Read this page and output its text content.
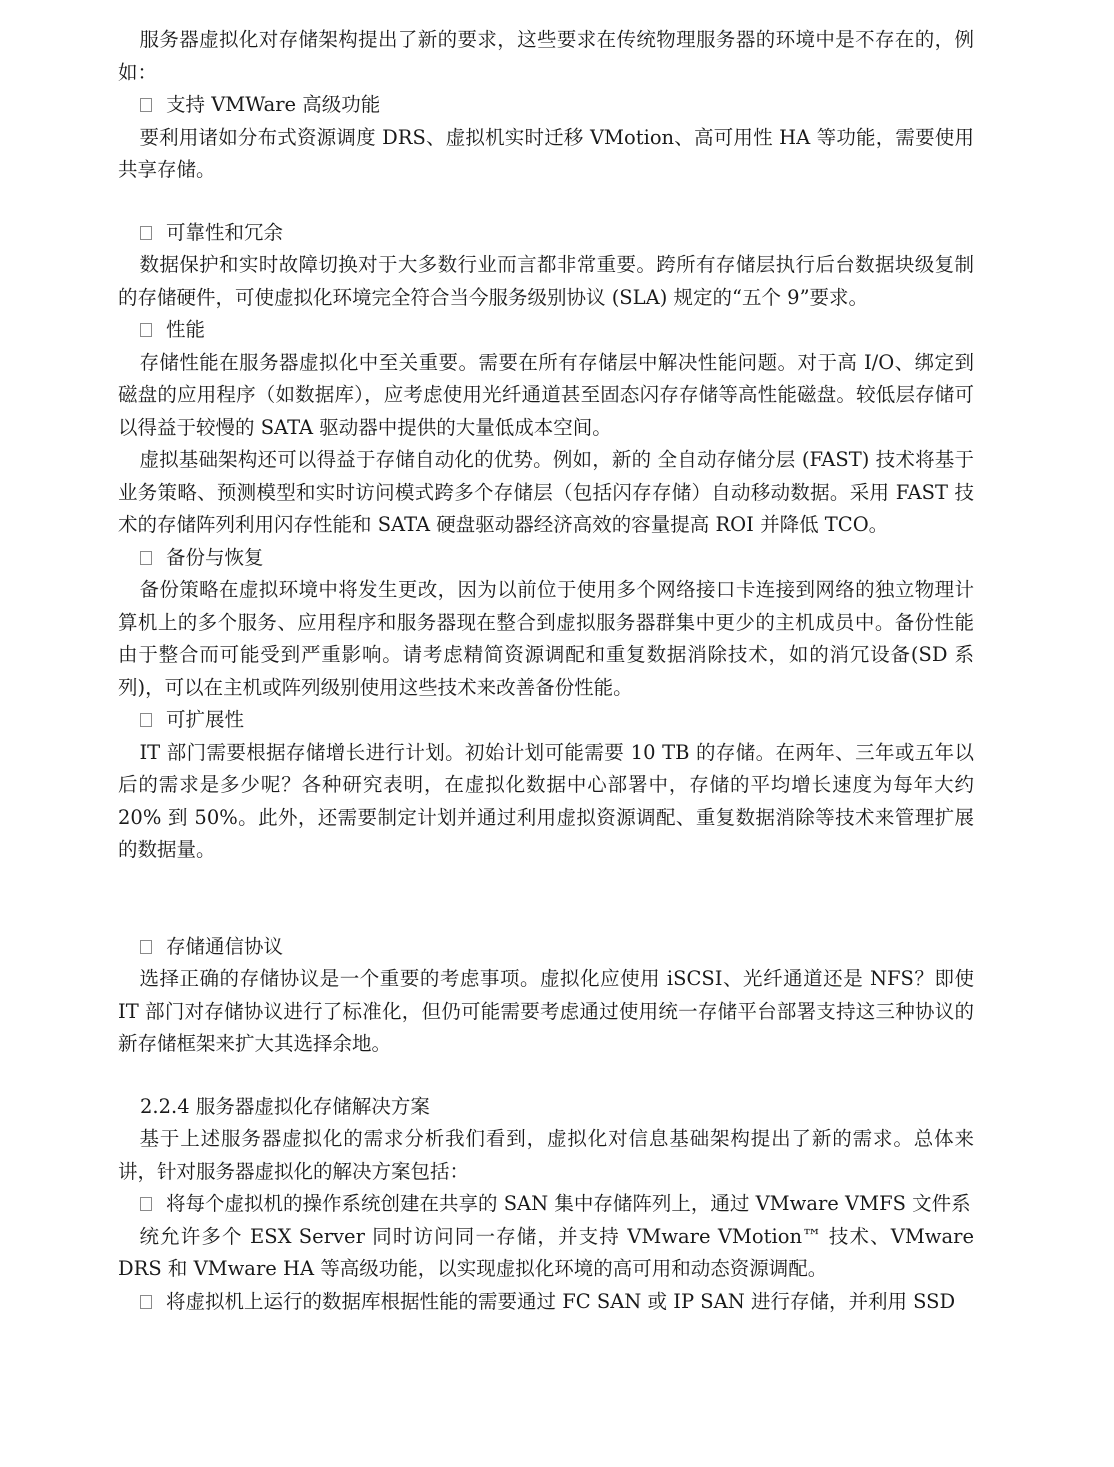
服务器虚拟化对存储架构提出了新的要求，这些要求在传统物理服务器的环境中是不存在的，例如：

支持 VMWare 高级功能

要利用诸如分布式资源调度 DRS、虚拟机实时迁移 VMotion、高可用性 HA 等功能，需要使用共享存储。

可靠性和冗余

数据保护和实时故障切换对于大多数行业而言都非常重要。跨所有存储层执行后台数据块级复制的存储硬件，可使虚拟化环境完全符合当今服务级别协议 (SLA) 规定的“五个 9”要求。

性能

存储性能在服务器虚拟化中至关重要。需要在所有存储层中解决性能问题。对于高 I/O、绑定到磁盘的应用程序（如数据库），应考虑使用光纤通道甚至固态闪存存储等高性能磁盘。较低层存储可以得益于较慢的 SATA 驱动器中提供的大量低成本空间。

虚拟基础架构还可以得益于存储自动化的优势。例如，新的 全自动存储分层 (FAST) 技术将基于业务策略、预测模型和实时访问模式跨多个存储层（包括闪存存储）自动移动数据。采用 FAST 技术的存储阵列利用闪存性能和 SATA 硬盘驱动器经济高效的容量提高 ROI 并降低 TCO。

备份与恢复

备份策略在虚拟环境中将发生更改，因为以前位于使用多个网络接口卡连接到网络的独立物理计算机上的多个服务、应用程序和服务器现在整合到虚拟服务器群集中更少的主机成员中。备份性能由于整合而可能受到严重影响。请考虑精简资源调配和重复数据消除技术，如的消冗设备(SD 系列)，可以在主机或阵列级别使用这些技术来改善备份性能。

可扩展性

IT 部门需要根据存储增长进行计划。初始计划可能需要 10 TB 的存储。在两年、三年或五年以后的需求是多少呢？各种研究表明，在虚拟化数据中心部署中，存储的平均增长速度为每年大约 20% 到 50%。此外，还需要制定计划并通过利用虚拟资源调配、重复数据消除等技术来管理扩展的数据量。

存储通信协议

选择正确的存储协议是一个重要的考虑事项。虚拟化应使用 iSCSI、光纤通道还是 NFS？即使 IT 部门对存储协议进行了标准化，但仍可能需要考虑通过使用统一存储平台部署支持这三种协议的新存储框架来扩大其选择余地。

2.2.4 服务器虚拟化存储解决方案

基于上述服务器虚拟化的需求分析我们看到，虚拟化对信息基础架构提出了新的需求。总体来讲，针对服务器虚拟化的解决方案包括：

将每个虚拟机的操作系统创建在共享的 SAN 集中存储阵列上，通过 VMware VMFS 文件系

统允许多个 ESX Server 同时访问同一存储，并支持 VMware VMotion™ 技术、VMware DRS 和 VMware HA 等高级功能，以实现虚拟化环境的高可用和动态资源调配。

将虚拟机上运行的数据库根据性能的需要通过 FC SAN 或 IP SAN 进行存储，并利用 SSD
